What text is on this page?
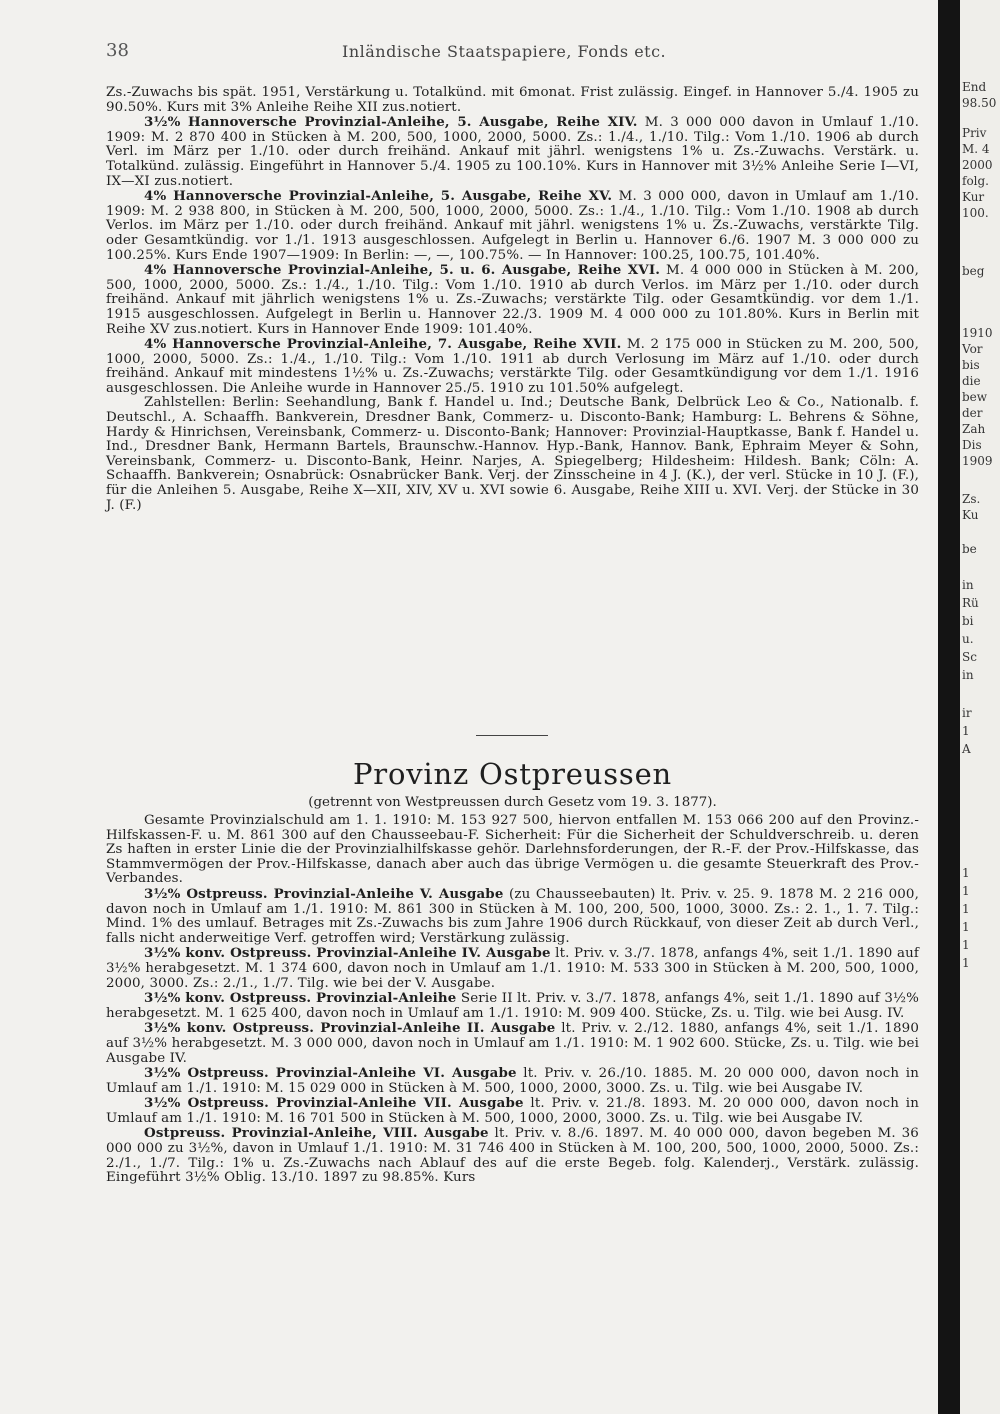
38	Inländische Staatspapiere, Fonds etc.

Zs.-Zuwachs bis spät. 1951, Verstärkung u. Totalkünd. mit 6monat. Frist zulässig. Eingef. in Hannover 5./4. 1905 zu 90.50%. Kurs mit 3% Anleihe Reihe XII zus.notiert.

3½% Hannoversche Provinzial-Anleihe, 5. Ausgabe, Reihe XIV. M. 3 000 000 davon in Umlauf 1./10. 1909: M. 2 870 400 in Stücken à M. 200, 500, 1000, 2000, 5000. Zs.: 1./4., 1./10. Tilg.: Vom 1./10. 1906 ab durch Verl. im März per 1./10. oder durch freihänd. Ankauf mit jährl. wenigstens 1% u. Zs.-Zuwachs. Verstärk. u. Totalkünd. zulässig. Eingeführt in Hannover 5./4. 1905 zu 100.10%. Kurs in Hannover mit 3½% Anleihe Serie I—VI, IX—XI zus.notiert.

4% Hannoversche Provinzial-Anleihe, 5. Ausgabe, Reihe XV. M. 3 000 000, davon in Umlauf am 1./10. 1909: M. 2 938 800, in Stücken à M. 200, 500, 1000, 2000, 5000. Zs.: 1./4., 1./10. Tilg.: Vom 1./10. 1908 ab durch Verlos. im März per 1./10. oder durch freihänd. Ankauf mit jährl. wenigstens 1% u. Zs.-Zuwachs, verstärkte Tilg. oder Gesamtkündig. vor 1./1. 1913 ausgeschlossen. Aufgelegt in Berlin u. Hannover 6./6. 1907 M. 3 000 000 zu 100.25%. Kurs Ende 1907—1909: In Berlin: —, —, 100.75%. — In Hannover: 100.25, 100.75, 101.40%.

4% Hannoversche Provinzial-Anleihe, 5. u. 6. Ausgabe, Reihe XVI. M. 4 000 000 in Stücken à M. 200, 500, 1000, 2000, 5000. Zs.: 1./4., 1./10. Tilg.: Vom 1./10. 1910 ab durch Verlos. im März per 1./10. oder durch freihänd. Ankauf mit jährlich wenigstens 1% u. Zs.-Zuwachs; verstärkte Tilg. oder Gesamtkündig. vor dem 1./1. 1915 ausgeschlossen. Aufgelegt in Berlin u. Hannover 22./3. 1909 M. 4 000 000 zu 101.80%. Kurs in Berlin mit Reihe XV zus.notiert. Kurs in Hannover Ende 1909: 101.40%.

4% Hannoversche Provinzial-Anleihe, 7. Ausgabe, Reihe XVII. M. 2 175 000 in Stücken zu M. 200, 500, 1000, 2000, 5000. Zs.: 1./4., 1./10. Tilg.: Vom 1./10. 1911 ab durch Verlosung im März auf 1./10. oder durch freihänd. Ankauf mit mindestens 1½% u. Zs.-Zuwachs; verstärkte Tilg. oder Gesamtkündigung vor dem 1./1. 1916 ausgeschlossen. Die Anleihe wurde in Hannover 25./5. 1910 zu 101.50% aufgelegt.

Zahlstellen: Berlin: Seehandlung, Bank f. Handel u. Ind.; Deutsche Bank, Delbrück Leo & Co., Nationalb. f. Deutschl., A. Schaaffh. Bankverein, Dresdner Bank, Commerz- u. Disconto-Bank; Hamburg: L. Behrens & Söhne, Hardy & Hinrichsen, Vereinsbank, Commerz- u. Disconto-Bank; Hannover: Provinzial-Hauptkasse, Bank f. Handel u. Ind., Dresdner Bank, Hermann Bartels, Braunschw.-Hannov. Hyp.-Bank, Hannov. Bank, Ephraim Meyer & Sohn, Vereinsbank, Commerz- u. Disconto-Bank, Heinr. Narjes, A. Spiegelberg; Hildesheim: Hildesh. Bank; Cöln: A. Schaaffh. Bankverein; Osnabrück: Osnabrücker Bank. Verj. der Zinsscheine in 4 J. (K.), der verl. Stücke in 10 J. (F.), für die Anleihen 5. Ausgabe, Reihe X—XII, XIV, XV u. XVI sowie 6. Ausgabe, Reihe XIII u. XVI. Verj. der Stücke in 30 J. (F.)

Provinz Ostpreussen
(getrennt von Westpreussen durch Gesetz vom 19. 3. 1877).

Gesamte Provinzialschuld am 1. 1. 1910: M. 153 927 500, hiervon entfallen M. 153 066 200 auf den Provinz.-Hilfskassen-F. u. M. 861 300 auf den Chausseebau-F. Sicherheit: Für die Sicherheit der Schuldverschreib. u. deren Zs haften in erster Linie die der Provinzialhilfskasse gehör. Darlehnsforderungen, der R.-F. der Prov.-Hilfskasse, das Stammvermögen der Prov.-Hilfskasse, danach aber auch das übrige Vermögen u. die gesamte Steuerkraft des Prov.-Verbandes.

3½% Ostpreuss. Provinzial-Anleihe V. Ausgabe (zu Chausseebauten) lt. Priv. v. 25. 9. 1878 M. 2 216 000, davon noch in Umlauf am 1./1. 1910: M. 861 300 in Stücken à M. 100, 200, 500, 1000, 3000. Zs.: 2. 1., 1. 7. Tilg.: Mind. 1% des umlauf. Betrages mit Zs.-Zuwachs bis zum Jahre 1906 durch Rückkauf, von dieser Zeit ab durch Verl., falls nicht anderweitige Verf. getroffen wird; Verstärkung zulässig.

3½% konv. Ostpreuss. Provinzial-Anleihe IV. Ausgabe lt. Priv. v. 3./7. 1878, anfangs 4%, seit 1./1. 1890 auf 3½% herabgesetzt. M. 1 374 600, davon noch in Umlauf am 1./1. 1910: M. 533 300 in Stücken à M. 200, 500, 1000, 2000, 3000. Zs.: 2./1., 1./7. Tilg. wie bei der V. Ausgabe.

3½% konv. Ostpreuss. Provinzial-Anleihe Serie II lt. Priv. v. 3./7. 1878, anfangs 4%, seit 1./1. 1890 auf 3½% herabgesetzt. M. 1 625 400, davon noch in Umlauf am 1./1. 1910: M. 909 400. Stücke, Zs. u. Tilg. wie bei Ausg. IV.

3½% konv. Ostpreuss. Provinzial-Anleihe II. Ausgabe lt. Priv. v. 2./12. 1880, anfangs 4%, seit 1./1. 1890 auf 3½% herabgesetzt. M. 3 000 000, davon noch in Umlauf am 1./1. 1910: M. 1 902 600. Stücke, Zs. u. Tilg. wie bei Ausgabe IV.

3½% Ostpreuss. Provinzial-Anleihe VI. Ausgabe lt. Priv. v. 26./10. 1885. M. 20 000 000, davon noch in Umlauf am 1./1. 1910: M. 15 029 000 in Stücken à M. 500, 1000, 2000, 3000. Zs. u. Tilg. wie bei Ausgabe IV.

3½% Ostpreuss. Provinzial-Anleihe VII. Ausgabe lt. Priv. v. 21./8. 1893. M. 20 000 000, davon noch in Umlauf am 1./1. 1910: M. 16 701 500 in Stücken à M. 500, 1000, 2000, 3000. Zs. u. Tilg. wie bei Ausgabe IV.

Ostpreuss. Provinzial-Anleihe, VIII. Ausgabe lt. Priv. v. 8./6. 1897. M. 40 000 000, davon begeben M. 36 000 000 zu 3½%, davon in Umlauf 1./1. 1910: M. 31 746 400 in Stücken à M. 100, 200, 500, 1000, 2000, 5000. Zs.: 2./1., 1./7. Tilg.: 1% u. Zs.-Zuwachs nach Ablauf des auf die erste Begeb. folg. Kalenderj., Verstärk. zulässig. Eingeführt 3½% Oblig. 13./10. 1897 zu 98.85%. Kurs

End
98.50
Priv
M. 4
2000
folg.
Kur
100.
beg
1910
Vor
bis
die
bew
der
Zah
Dis
1909
Zs.
Ku
be
in
Rü
bi
u.
Sc
in
ir
1
A
1
1
1
1
1
1
